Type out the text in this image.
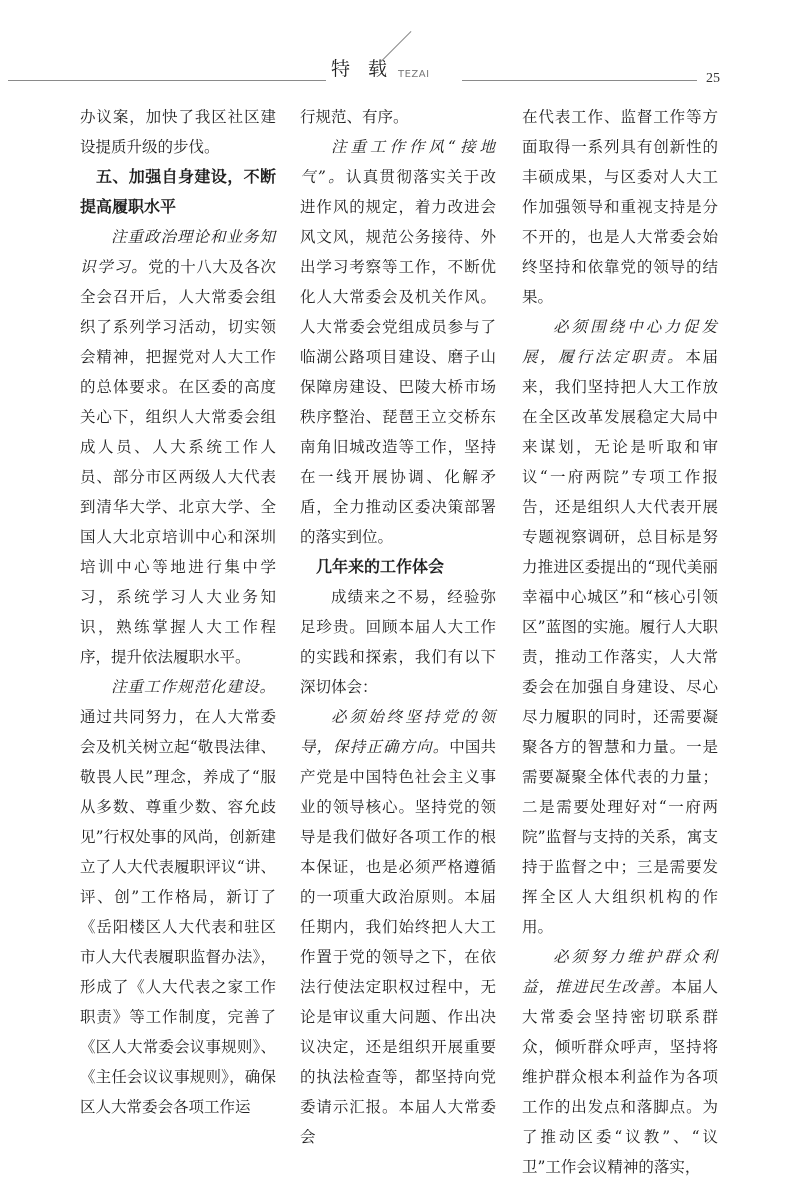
特 载 TEZAI	25

办议案，加快了我区社区建设提质升级的步伐。

五、加强自身建设，不断提高履职水平

注重政治理论和业务知识学习。党的十八大及各次全会召开后，人大常委会组织了系列学习活动，切实领会精神，把握党对人大工作的总体要求。在区委的高度关心下，组织人大常委会组成人员、人大系统工作人员、部分市区两级人大代表到清华大学、北京大学、全国人大北京培训中心和深圳培训中心等地进行集中学习，系统学习人大业务知识，熟练掌握人大工作程序，提升依法履职水平。

注重工作规范化建设。通过共同努力，在人大常委会及机关树立起“敬畏法律、敬畏人民”理念，养成了“服从多数、尊重少数、容允歧见”行权处事的风尚，创新建立了人大代表履职评议“讲、评、创”工作格局，新订了《岳阳楼区人大代表和驻区市人大代表履职监督办法》，形成了《人大代表之家工作职责》等工作制度，完善了《区人大常委会议事规则》、《主任会议议事规则》，确保区人大常委会各项工作运

行规范、有序。

注重工作作风“接地气”。认真贯彻落实关于改进作风的规定，着力改进会风文风，规范公务接待、外出学习考察等工作，不断优化人大常委会及机关作风。人大常委会党组成员参与了临湖公路项目建设、磨子山保障房建设、巴陵大桥市场秩序整治、琵琶王立交桥东南角旧城改造等工作，坚持在一线开展协调、化解矛盾，全力推动区委决策部署的落实到位。

几年来的工作体会

成绩来之不易，经验弥足珍贵。回顾本届人大工作的实践和探索，我们有以下深切体会：

必须始终坚持党的领导，保持正确方向。中国共产党是中国特色社会主义事业的领导核心。坚持党的领导是我们做好各项工作的根本保证，也是必须严格遵循的一项重大政治原则。本届任期内，我们始终把人大工作置于党的领导之下，在依法行使法定职权过程中，无论是审议重大问题、作出决议决定，还是组织开展重要的执法检查等，都坚持向党委请示汇报。本届人大常委会

在代表工作、监督工作等方面取得一系列具有创新性的丰硕成果，与区委对人大工作加强领导和重视支持是分不开的，也是人大常委会始终坚持和依靠党的领导的结果。

必须围绕中心力促发展，履行法定职责。本届来，我们坚持把人大工作放在全区改革发展稳定大局中来谋划，无论是听取和审议“一府两院”专项工作报告，还是组织人大代表开展专题视察调研，总目标是努力推进区委提出的“现代美丽幸福中心城区”和“核心引领区”蓝图的实施。履行人大职责，推动工作落实，人大常委会在加强自身建设、尽心尽力履职的同时，还需要凝聚各方的智慧和力量。一是需要凝聚全体代表的力量；二是需要处理好对“一府两院”监督与支持的关系，寓支持于监督之中；三是需要发挥全区人大组织机构的作用。

必须努力维护群众利益，推进民生改善。本届人大常委会坚持密切联系群众，倾听群众呼声，坚持将维护群众根本利益作为各项工作的出发点和落脚点。为了推动区委“议教”、“议卫”工作会议精神的落实，
